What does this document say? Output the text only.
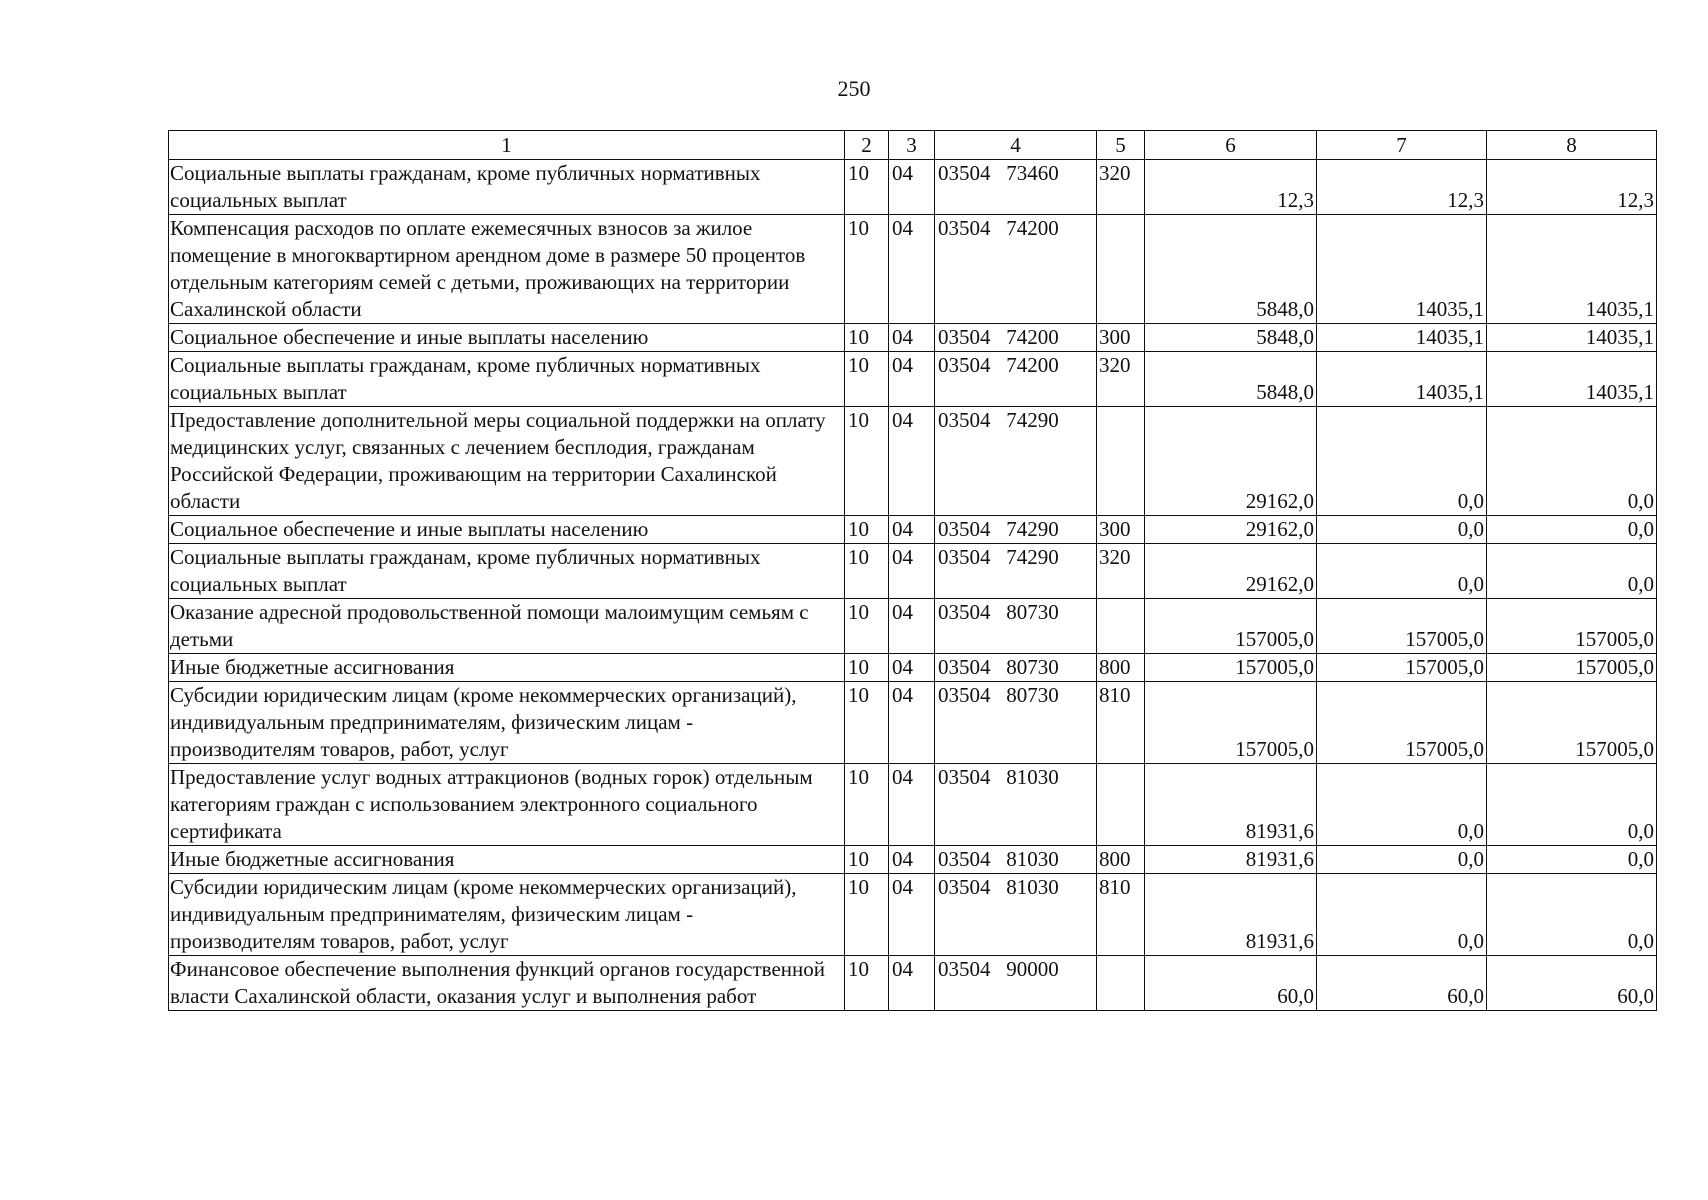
250
1	2	3	4	5	6	7	8
Социальные выплаты гражданам, кроме публичных нормативных социальных выплат	10	04	03504   73460	320	12,3	12,3	12,3
Компенсация расходов по оплате ежемесячных взносов за жилое помещение в многоквартирном арендном доме в размере 50 процентов отдельным категориям семей с детьми, проживающих на территории Сахалинской области	10	04	03504   74200		5848,0	14035,1	14035,1
Социальное обеспечение и иные выплаты населению	10	04	03504   74200	300	5848,0	14035,1	14035,1
Социальные выплаты гражданам, кроме публичных нормативных социальных выплат	10	04	03504   74200	320	5848,0	14035,1	14035,1
Предоставление дополнительной меры социальной поддержки на оплату медицинских услуг, связанных с лечением бесплодия, гражданам Российской Федерации, проживающим на территории Сахалинской области	10	04	03504   74290		29162,0	0,0	0,0
Социальное обеспечение и иные выплаты населению	10	04	03504   74290	300	29162,0	0,0	0,0
Социальные выплаты гражданам, кроме публичных нормативных социальных выплат	10	04	03504   74290	320	29162,0	0,0	0,0
Оказание адресной продовольственной помощи малоимущим семьям с детьми	10	04	03504   80730		157005,0	157005,0	157005,0
Иные бюджетные ассигнования	10	04	03504   80730	800	157005,0	157005,0	157005,0
Субсидии юридическим лицам (кроме некоммерческих организаций), индивидуальным предпринимателям, физическим лицам - производителям товаров, работ, услуг	10	04	03504   80730	810	157005,0	157005,0	157005,0
Предоставление услуг водных аттракционов (водных горок) отдельным категориям граждан с использованием электронного социального сертификата	10	04	03504   81030		81931,6	0,0	0,0
Иные бюджетные ассигнования	10	04	03504   81030	800	81931,6	0,0	0,0
Субсидии юридическим лицам (кроме некоммерческих организаций), индивидуальным предпринимателям, физическим лицам - производителям товаров, работ, услуг	10	04	03504   81030	810	81931,6	0,0	0,0
Финансовое обеспечение выполнения функций органов государственной власти Сахалинской области, оказания услуг и выполнения работ	10	04	03504   90000		60,0	60,0	60,0
